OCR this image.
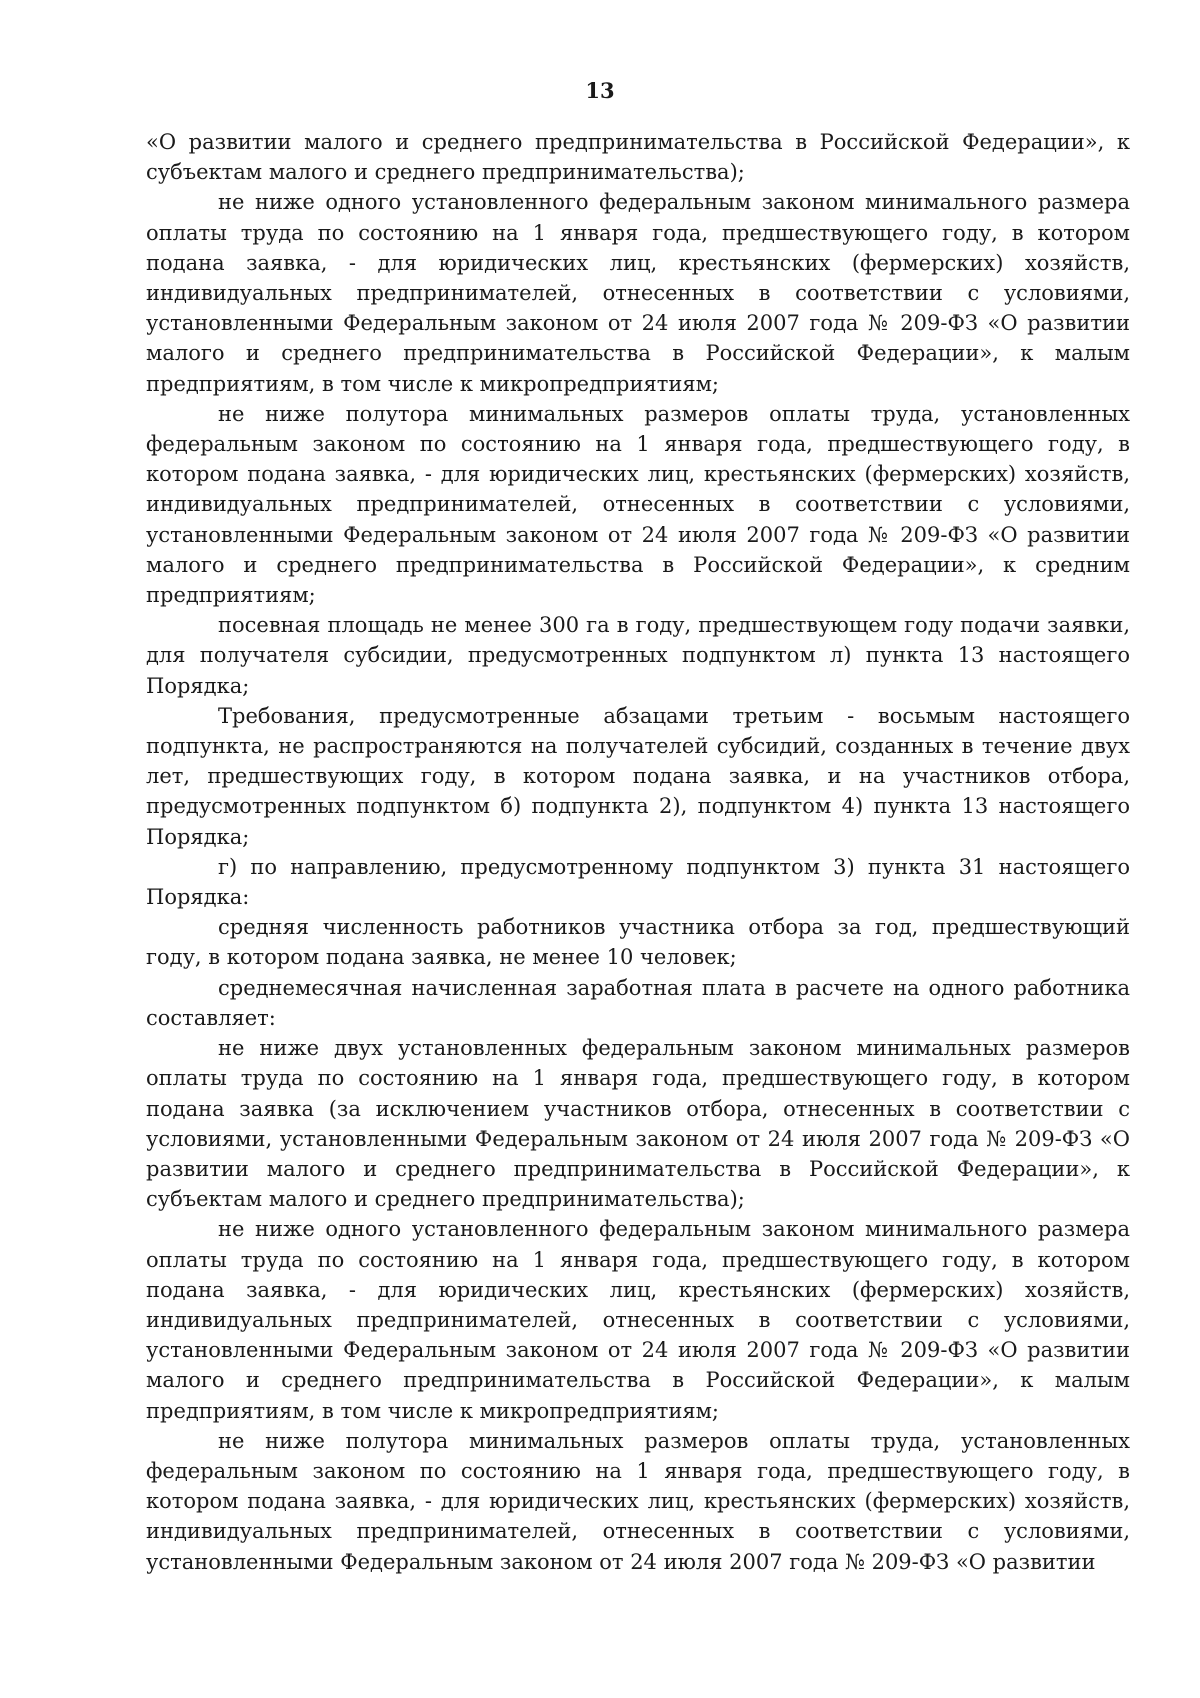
13

«О развитии малого и среднего предпринимательства в Российской Федерации», к субъектам малого и среднего предпринимательства);

не ниже одного установленного федеральным законом минимального размера оплаты труда по состоянию на 1 января года, предшествующего году, в котором подана заявка, - для юридических лиц, крестьянских (фермерских) хозяйств, индивидуальных предпринимателей, отнесенных в соответствии с условиями, установленными Федеральным законом от 24 июля 2007 года № 209-ФЗ «О развитии малого и среднего предпринимательства в Российской Федерации», к малым предприятиям, в том числе к микропредприятиям;

не ниже полутора минимальных размеров оплаты труда, установленных федеральным законом по состоянию на 1 января года, предшествующего году, в котором подана заявка, - для юридических лиц, крестьянских (фермерских) хозяйств, индивидуальных предпринимателей, отнесенных в соответствии с условиями, установленными Федеральным законом от 24 июля 2007 года № 209-ФЗ «О развитии малого и среднего предпринимательства в Российской Федерации», к средним предприятиям;

посевная площадь не менее 300 га в году, предшествующем году подачи заявки, для получателя субсидии, предусмотренных подпунктом л) пункта 13 настоящего Порядка;

Требования, предусмотренные абзацами третьим - восьмым настоящего подпункта, не распространяются на получателей субсидий, созданных в течение двух лет, предшествующих году, в котором подана заявка, и на участников отбора, предусмотренных подпунктом б) подпункта 2), подпунктом 4) пункта 13 настоящего Порядка;

г) по направлению, предусмотренному подпунктом 3) пункта 31 настоящего Порядка:

средняя численность работников участника отбора за год, предшествующий году, в котором подана заявка, не менее 10 человек;

среднемесячная начисленная заработная плата в расчете на одного работника составляет:

не ниже двух установленных федеральным законом минимальных размеров оплаты труда по состоянию на 1 января года, предшествующего году, в котором подана заявка (за исключением участников отбора, отнесенных в соответствии с условиями, установленными Федеральным законом от 24 июля 2007 года № 209-ФЗ «О развитии малого и среднего предпринимательства в Российской Федерации», к субъектам малого и среднего предпринимательства);

не ниже одного установленного федеральным законом минимального размера оплаты труда по состоянию на 1 января года, предшествующего году, в котором подана заявка, - для юридических лиц, крестьянских (фермерских) хозяйств, индивидуальных предпринимателей, отнесенных в соответствии с условиями, установленными Федеральным законом от 24 июля 2007 года № 209-ФЗ «О развитии малого и среднего предпринимательства в Российской Федерации», к малым предприятиям, в том числе к микропредприятиям;

не ниже полутора минимальных размеров оплаты труда, установленных федеральным законом по состоянию на 1 января года, предшествующего году, в котором подана заявка, - для юридических лиц, крестьянских (фермерских) хозяйств, индивидуальных предпринимателей, отнесенных в соответствии с условиями, установленными Федеральным законом от 24 июля 2007 года № 209-ФЗ «О развитии
